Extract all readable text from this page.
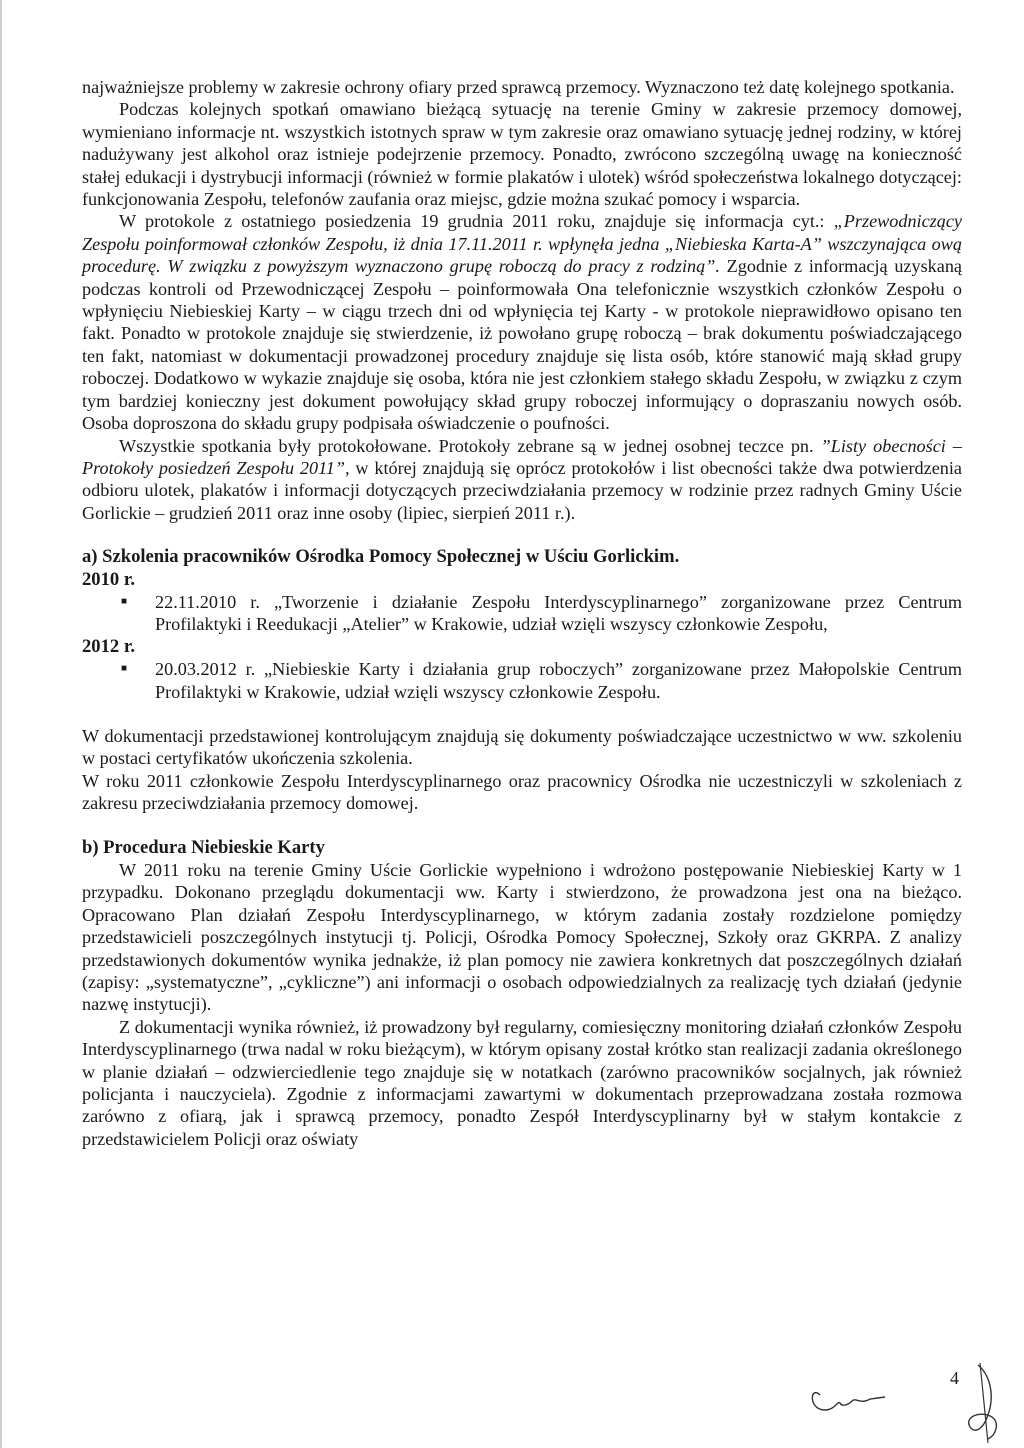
najważniejsze problemy w zakresie ochrony ofiary przed sprawcą przemocy. Wyznaczono też datę kolejnego spotkania.

Podczas kolejnych spotkań omawiano bieżącą sytuację na terenie Gminy w zakresie przemocy domowej, wymieniano informacje nt. wszystkich istotnych spraw w tym zakresie oraz omawiano sytuację jednej rodziny, w której nadużywany jest alkohol oraz istnieje podejrzenie przemocy. Ponadto, zwrócono szczególną uwagę na konieczność stałej edukacji i dystrybucji informacji (również w formie plakatów i ulotek) wśród społeczeństwa lokalnego dotyczącej: funkcjonowania Zespołu, telefonów zaufania oraz miejsc, gdzie można szukać pomocy i wsparcia.

W protokole z ostatniego posiedzenia 19 grudnia 2011 roku, znajduje się informacja cyt.: „Przewodniczący Zespołu poinformował członków Zespołu, iż dnia 17.11.2011 r. wpłynęła jedna „Niebieska Karta-A” wszczynająca ową procedurę. W związku z powyższym wyznaczono grupę roboczą do pracy z rodziną”. Zgodnie z informacją uzyskaną podczas kontroli od Przewodniczącej Zespołu – poinformowała Ona telefonicznie wszystkich członków Zespołu o wpłynięciu Niebieskiej Karty – w ciągu trzech dni od wpłynięcia tej Karty - w protokole nieprawidłowo opisano ten fakt. Ponadto w protokole znajduje się stwierdzenie, iż powołano grupę roboczą – brak dokumentu poświadczającego ten fakt, natomiast w dokumentacji prowadzonej procedury znajduje się lista osób, które stanowić mają skład grupy roboczej. Dodatkowo w wykazie znajduje się osoba, która nie jest członkiem stałego składu Zespołu, w związku z czym tym bardziej konieczny jest dokument powołujący skład grupy roboczej informujący o dopraszaniu nowych osób. Osoba doproszona do składu grupy podpisała oświadczenie o poufności.

Wszystkie spotkania były protokołowane. Protokoły zebrane są w jednej osobnej teczce pn. ”Listy obecności – Protokoły posiedzeń Zespołu 2011”, w której znajdują się oprócz protokołów i list obecności także dwa potwierdzenia odbioru ulotek, plakatów i informacji dotyczących przeciwdziałania przemocy w rodzinie przez radnych Gminy Uście Gorlickie – grudzień 2011 oraz inne osoby (lipiec, sierpień 2011 r.).

a) Szkolenia pracowników Ośrodka Pomocy Społecznej w Uściu Gorlickim.

2010 r.

■ 22.11.2010 r. „Tworzenie i działanie Zespołu Interdyscyplinarnego” zorganizowane przez Centrum Profilaktyki i Reedukacji „Atelier” w Krakowie, udział wzięli wszyscy członkowie Zespołu,

2012 r.

■ 20.03.2012 r. „Niebieskie Karty i działania grup roboczych” zorganizowane przez Małopolskie Centrum Profilaktyki w Krakowie, udział wzięli wszyscy członkowie Zespołu.

W dokumentacji przedstawionej kontrolującym znajdują się dokumenty poświadczające uczestnictwo w ww. szkoleniu w postaci certyfikatów ukończenia szkolenia.

W roku 2011 członkowie Zespołu Interdyscyplinarnego oraz pracownicy Ośrodka nie uczestniczyli w szkoleniach z zakresu przeciwdziałania przemocy domowej.

b) Procedura Niebieskie Karty

W 2011 roku na terenie Gminy Uście Gorlickie wypełniono i wdrożono postępowanie Niebieskiej Karty w 1 przypadku. Dokonano przeglądu dokumentacji ww. Karty i stwierdzono, że prowadzona jest ona na bieżąco. Opracowano Plan działań Zespołu Interdyscyplinarnego, w którym zadania zostały rozdzielone pomiędzy przedstawicieli poszczególnych instytucji tj. Policji, Ośrodka Pomocy Społecznej, Szkoły oraz GKRPA. Z analizy przedstawionych dokumentów wynika jednakże, iż plan pomocy nie zawiera konkretnych dat poszczególnych działań (zapisy: „systematyczne”, „cykliczne”) ani informacji o osobach odpowiedzialnych za realizację tych działań (jedynie nazwę instytucji).

Z dokumentacji wynika również, iż prowadzony był regularny, comiesięczny monitoring działań członków Zespołu Interdyscyplinarnego (trwa nadal w roku bieżącym), w którym opisany został krótko stan realizacji zadania określonego w planie działań – odzwierciedlenie tego znajduje się w notatkach (zarówno pracowników socjalnych, jak również policjanta i nauczyciela). Zgodnie z informacjami zawartymi w dokumentach przeprowadzana została rozmowa zarówno z ofiarą, jak i sprawcą przemocy, ponadto Zespół Interdyscyplinarny był w stałym kontakcie z przedstawicielem Policji oraz oświaty

4
